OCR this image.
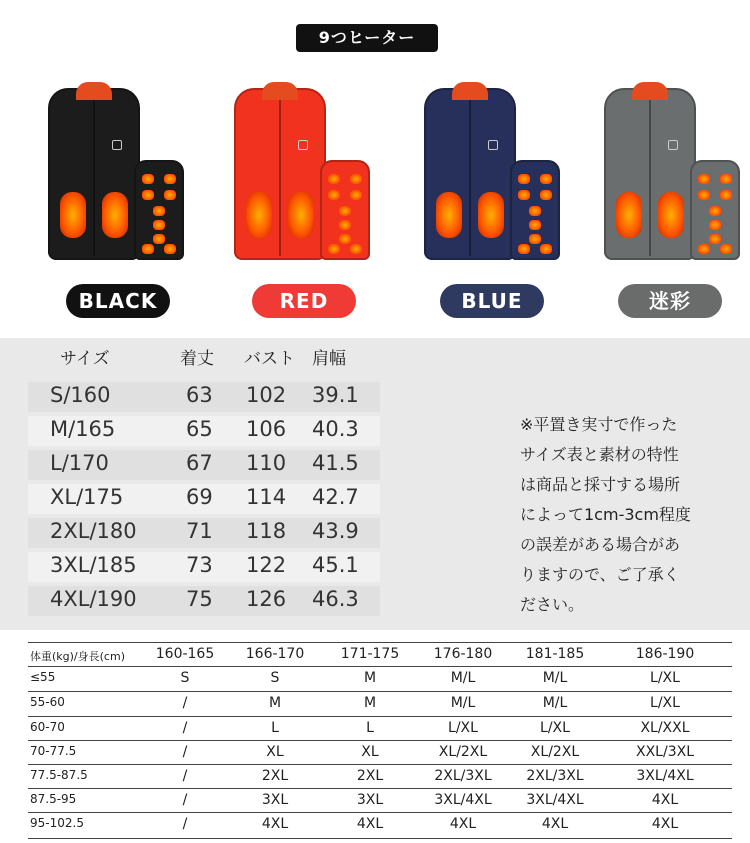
9つヒーター
サイズ	着丈 バスト 肩幅
S/160	63 102 39.1
M/165	65 106 40.3
L/170	67 110 41.5
XL/175	69 114 42.7
2XL/180 71 118 43.9
3XL/185 73 122 45.1
4XL/190 75 126 46.3
※平置き実寸で作った
サイズ表と素材の特性
は商品と採寸する場所
によって1cm-3cm程度
の誤差がある場合があ
りますので、ご了承く
ださい。
体重(kg)/身長(cm)	160-165	166-170	171-175	176-180	181-185	186-190
≤55	S	S	M	M/L	M/L	L/XL
55-60	/	M	M	M/L	M/L	L/XL
60-70	/	L	L	L/XL	L/XL	XL/XXL
70-77.5	/	XL	XL	XL/2XL	XL/2XL	XXL/3XL
77.5-87.5	/	2XL	2XL	2XL/3XL	2XL/3XL	3XL/4XL
87.5-95	/	3XL	3XL	3XL/4XL	3XL/4XL	4XL
95-102.5	/	4XL	4XL	4XL	4XL	4XL
BLACK	RED	BLUE	迷彩
